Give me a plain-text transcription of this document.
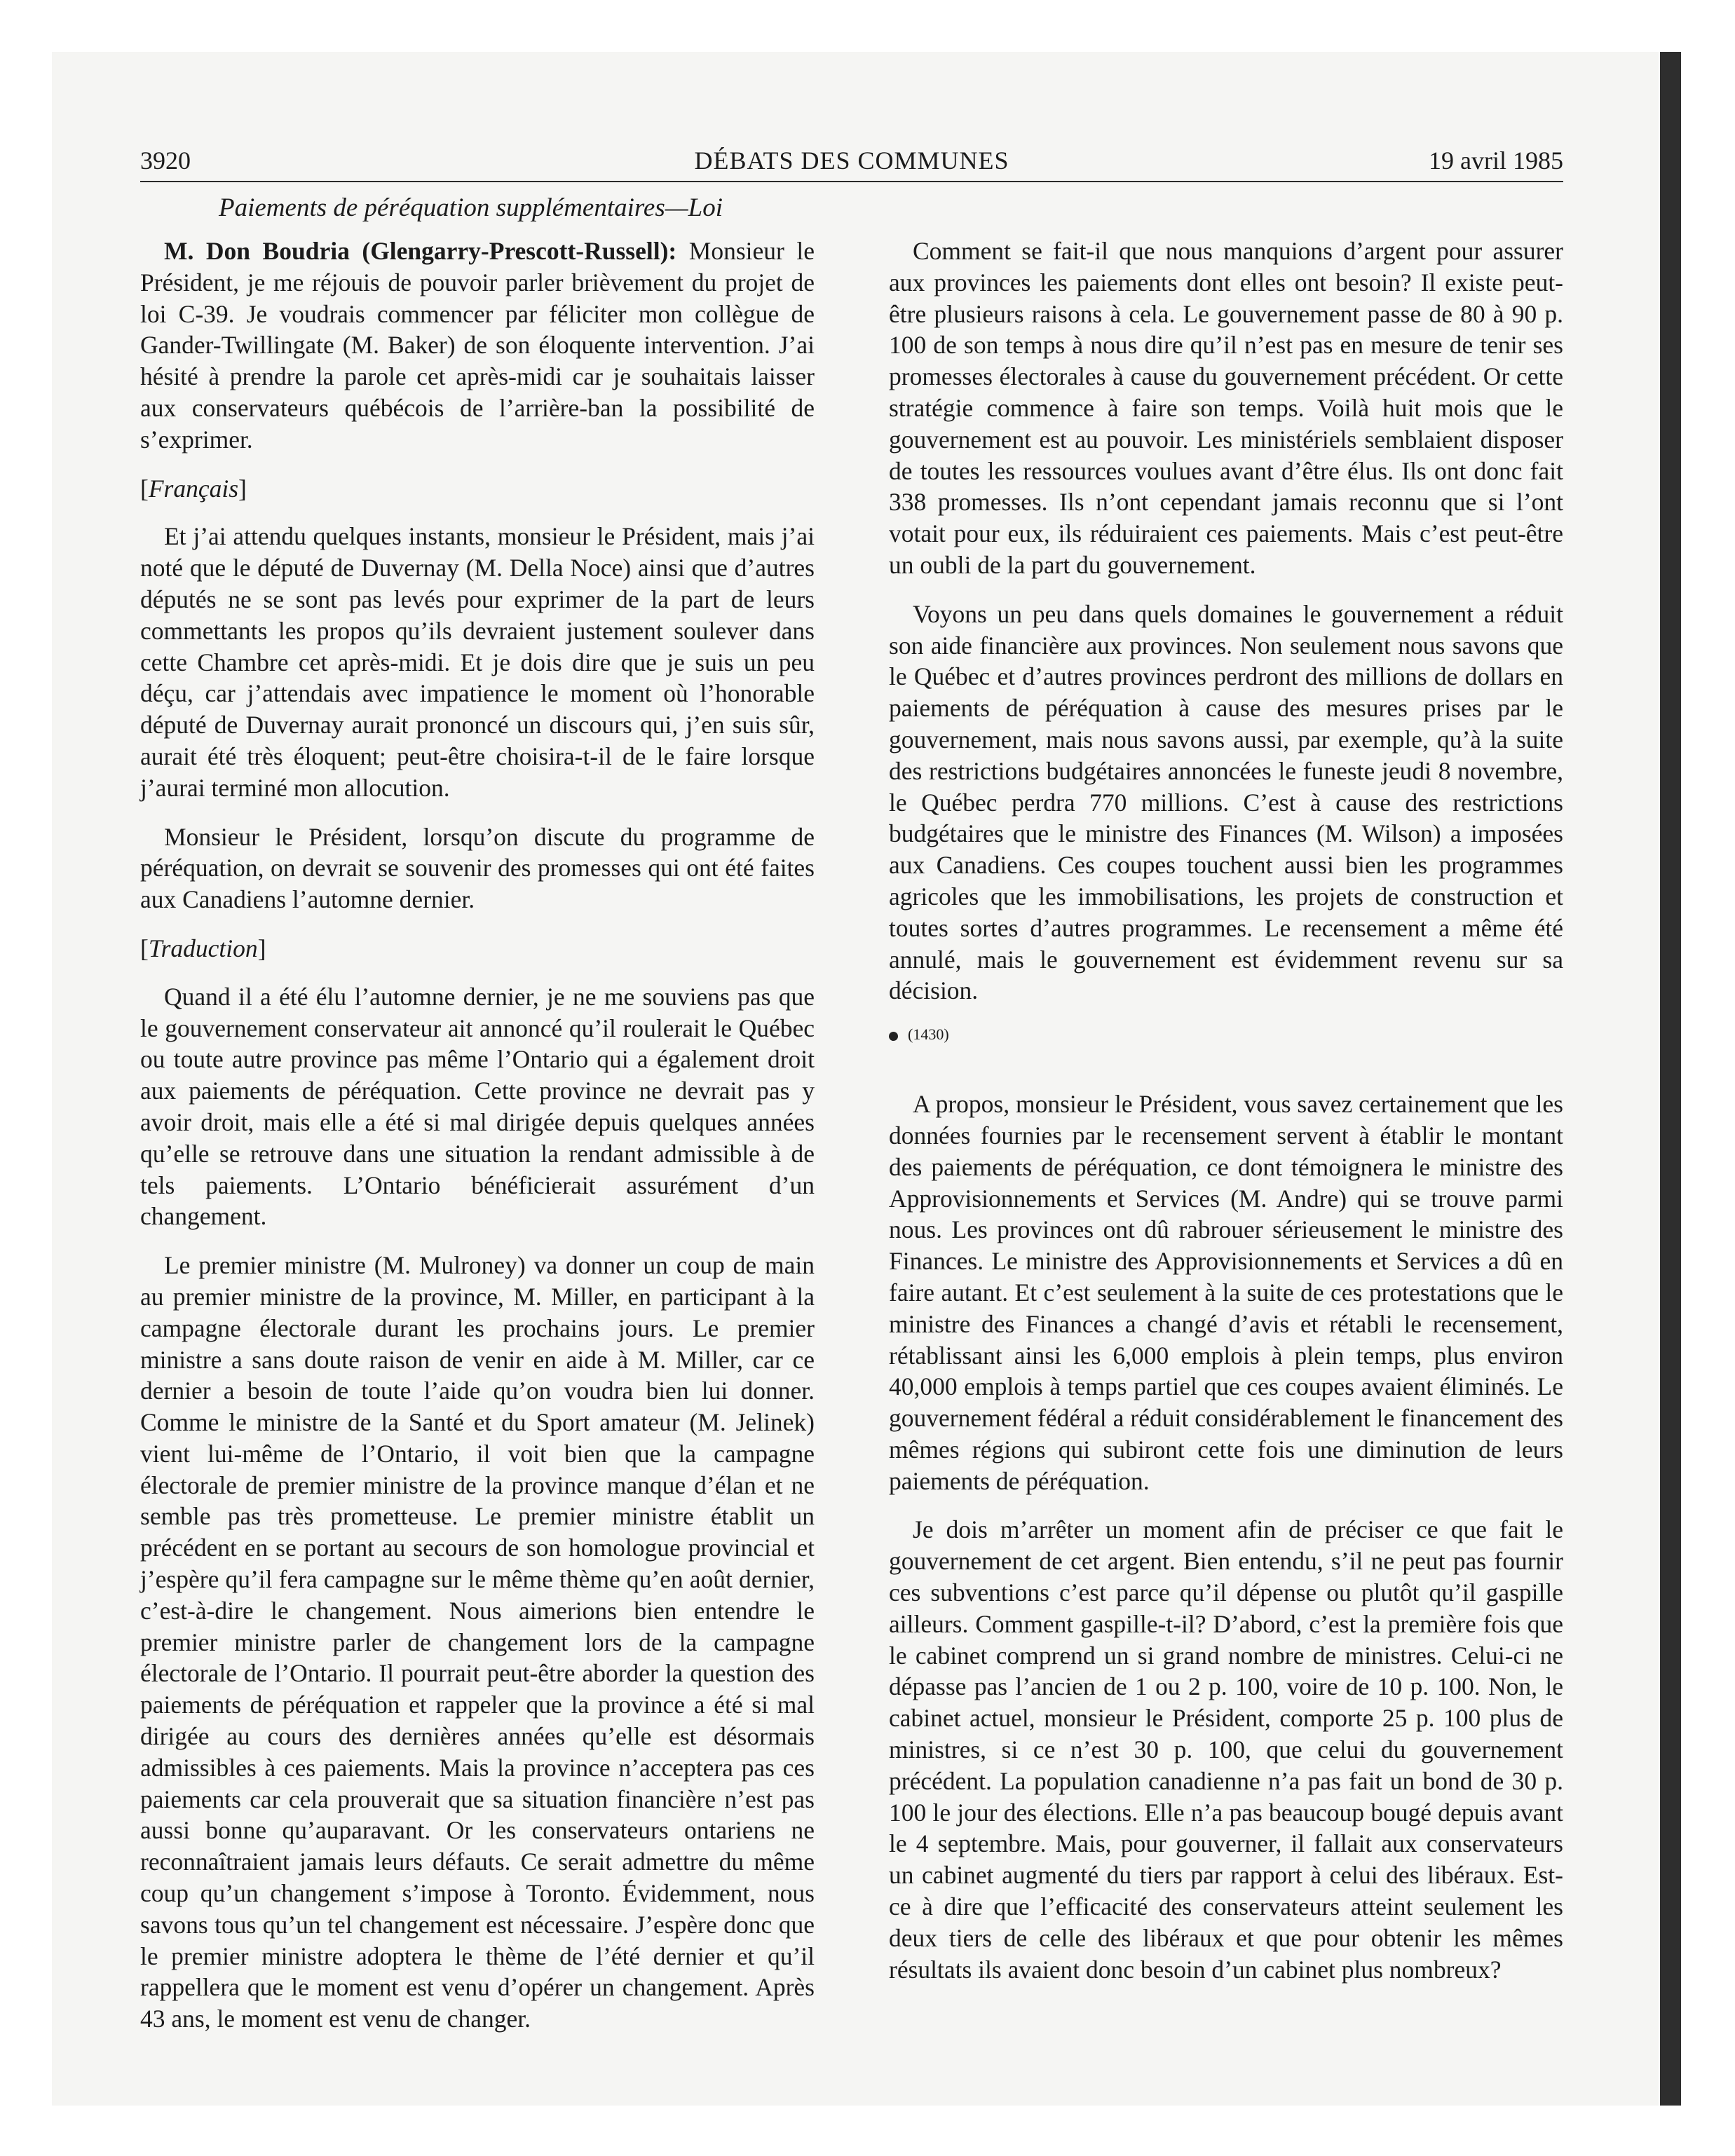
3920	DÉBATS DES COMMUNES	19 avril 1985
Paiements de péréquation supplémentaires—Loi

M. Don Boudria (Glengarry-Prescott-Russell): Monsieur le Président, je me réjouis de pouvoir parler brièvement du projet de loi C-39. Je voudrais commencer par féliciter mon collègue de Gander-Twillingate (M. Baker) de son éloquente intervention. J’ai hésité à prendre la parole cet après-midi car je souhaitais laisser aux conservateurs québécois de l’arrière-ban la possibilité de s’exprimer.

[Français]

Et j’ai attendu quelques instants, monsieur le Président, mais j’ai noté que le député de Duvernay (M. Della Noce) ainsi que d’autres députés ne se sont pas levés pour exprimer de la part de leurs commettants les propos qu’ils devraient justement soulever dans cette Chambre cet après-midi. Et je dois dire que je suis un peu déçu, car j’attendais avec impatience le moment où l’honorable député de Duvernay aurait prononcé un discours qui, j’en suis sûr, aurait été très éloquent; peut-être choisira-t-il de le faire lorsque j’aurai terminé mon allocution.

Monsieur le Président, lorsqu’on discute du programme de péréquation, on devrait se souvenir des promesses qui ont été faites aux Canadiens l’automne dernier.

[Traduction]

Quand il a été élu l’automne dernier, je ne me souviens pas que le gouvernement conservateur ait annoncé qu’il roulerait le Québec ou toute autre province pas même l’Ontario qui a également droit aux paiements de péréquation. Cette province ne devrait pas y avoir droit, mais elle a été si mal dirigée depuis quelques années qu’elle se retrouve dans une situation la rendant admissible à de tels paiements. L’Ontario bénéficierait assurément d’un changement.

Le premier ministre (M. Mulroney) va donner un coup de main au premier ministre de la province, M. Miller, en participant à la campagne électorale durant les prochains jours. Le premier ministre a sans doute raison de venir en aide à M. Miller, car ce dernier a besoin de toute l’aide qu’on voudra bien lui donner. Comme le ministre de la Santé et du Sport amateur (M. Jelinek) vient lui-même de l’Ontario, il voit bien que la campagne électorale de premier ministre de la province manque d’élan et ne semble pas très prometteuse. Le premier ministre établit un précédent en se portant au secours de son homologue provincial et j’espère qu’il fera campagne sur le même thème qu’en août dernier, c’est-à-dire le changement. Nous aimerions bien entendre le premier ministre parler de changement lors de la campagne électorale de l’Ontario. Il pourrait peut-être aborder la question des paiements de péréquation et rappeler que la province a été si mal dirigée au cours des dernières années qu’elle est désormais admissibles à ces paiements. Mais la province n’acceptera pas ces paiements car cela prouverait que sa situation financière n’est pas aussi bonne qu’auparavant. Or les conservateurs ontariens ne reconnaîtraient jamais leurs défauts. Ce serait admettre du même coup qu’un changement s’impose à Toronto. Évidemment, nous savons tous qu’un tel changement est nécessaire. J’espère donc que le premier ministre adoptera le thème de l’été dernier et qu’il rappellera que le moment est venu d’opérer un changement. Après 43 ans, le moment est venu de changer.

Comment se fait-il que nous manquions d’argent pour assurer aux provinces les paiements dont elles ont besoin? Il existe peut-être plusieurs raisons à cela. Le gouvernement passe de 80 à 90 p. 100 de son temps à nous dire qu’il n’est pas en mesure de tenir ses promesses électorales à cause du gouvernement précédent. Or cette stratégie commence à faire son temps. Voilà huit mois que le gouvernement est au pouvoir. Les ministériels semblaient disposer de toutes les ressources voulues avant d’être élus. Ils ont donc fait 338 promesses. Ils n’ont cependant jamais reconnu que si l’ont votait pour eux, ils réduiraient ces paiements. Mais c’est peut-être un oubli de la part du gouvernement.

Voyons un peu dans quels domaines le gouvernement a réduit son aide financière aux provinces. Non seulement nous savons que le Québec et d’autres provinces perdront des millions de dollars en paiements de péréquation à cause des mesures prises par le gouvernement, mais nous savons aussi, par exemple, qu’à la suite des restrictions budgétaires annoncées le funeste jeudi 8 novembre, le Québec perdra 770 millions. C’est à cause des restrictions budgétaires que le ministre des Finances (M. Wilson) a imposées aux Canadiens. Ces coupes touchent aussi bien les programmes agricoles que les immobilisations, les projets de construction et toutes sortes d’autres programmes. Le recensement a même été annulé, mais le gouvernement est évidemment revenu sur sa décision.

(1430)

A propos, monsieur le Président, vous savez certainement que les données fournies par le recensement servent à établir le montant des paiements de péréquation, ce dont témoignera le ministre des Approvisionnements et Services (M. Andre) qui se trouve parmi nous. Les provinces ont dû rabrouer sérieusement le ministre des Finances. Le ministre des Approvisionnements et Services a dû en faire autant. Et c’est seulement à la suite de ces protestations que le ministre des Finances a changé d’avis et rétabli le recensement, rétablissant ainsi les 6,000 emplois à plein temps, plus environ 40,000 emplois à temps partiel que ces coupes avaient éliminés. Le gouvernement fédéral a réduit considérablement le financement des mêmes régions qui subiront cette fois une diminution de leurs paiements de péréquation.

Je dois m’arrêter un moment afin de préciser ce que fait le gouvernement de cet argent. Bien entendu, s’il ne peut pas fournir ces subventions c’est parce qu’il dépense ou plutôt qu’il gaspille ailleurs. Comment gaspille-t-il? D’abord, c’est la première fois que le cabinet comprend un si grand nombre de ministres. Celui-ci ne dépasse pas l’ancien de 1 ou 2 p. 100, voire de 10 p. 100. Non, le cabinet actuel, monsieur le Président, comporte 25 p. 100 plus de ministres, si ce n’est 30 p. 100, que celui du gouvernement précédent. La population canadienne n’a pas fait un bond de 30 p. 100 le jour des élections. Elle n’a pas beaucoup bougé depuis avant le 4 septembre. Mais, pour gouverner, il fallait aux conservateurs un cabinet augmenté du tiers par rapport à celui des libéraux. Est-ce à dire que l’efficacité des conservateurs atteint seulement les deux tiers de celle des libéraux et que pour obtenir les mêmes résultats ils avaient donc besoin d’un cabinet plus nombreux?
